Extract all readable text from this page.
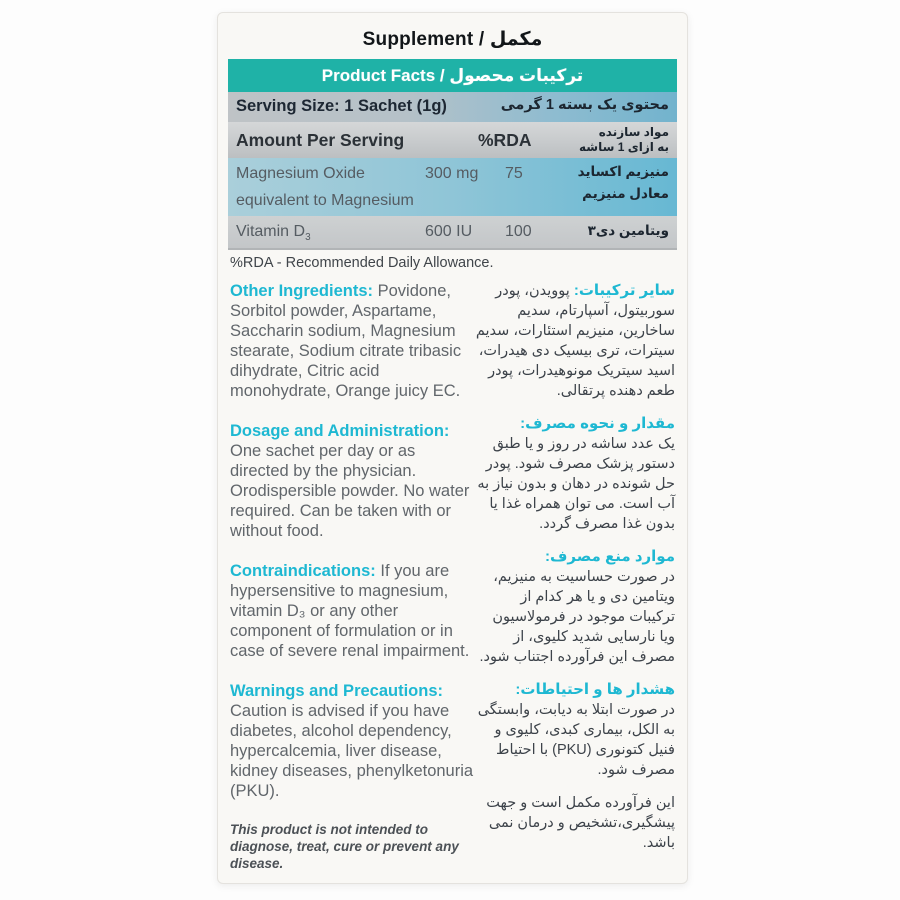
Supplement / مکمل
Product Facts / ترکیبات محصول
Serving Size: 1 Sachet (1g)	محتوی یک بسته 1 گرمی
Amount Per Serving	%RDA	مواد سازنده
به ازای 1 ساشه
Magnesium Oxide	300 mg 75	منیزیم اکساید
equivalent to Magnesium	معادل منیزیم
Vitamin $D_3$	600 IU 100	ویتامین دی۳

%RDA - Recommended Daily Allowance.

Other Ingredients: Povidone, Sorbitol powder, Aspartame, Saccharin sodium, Magnesium stearate, Sodium citrate tribasic dihydrate, Citric acid monohydrate, Orange juicy EC.

Dosage and Administration:
One sachet per day or as directed by the physician. Orodispersible powder. No water required. Can be taken with or without food.

Contraindications: If you are hypersensitive to magnesium, vitamin D₃ or any other component of formulation or in case of severe renal impairment.

Warnings and Precautions:
Caution is advised if you have diabetes, alcohol dependency, hypercalcemia, liver disease, kidney diseases, phenylketonuria (PKU).

This product is not intended to diagnose, treat, cure or prevent any disease.

سایر ترکیبات: پوویدن، پودر سوربیتول، آسپارتام، سدیم ساخارین، منیزیم استئارات، سدیم سیترات، تری بیسیک دی هیدرات، اسید سیتریک مونوهیدرات، پودر طعم دهنده پرتقالی.

مقدار و نحوه مصرف:
یک عدد ساشه در روز و یا طبق دستور پزشک مصرف شود. پودر حل شونده در دهان و بدون نیاز به آب است. می توان همراه غذا یا بدون غذا مصرف گردد.

موارد منع مصرف:
در صورت حساسیت به منیزیم، ویتامین دی و یا هر کدام از ترکیبات موجود در فرمولاسیون ویا نارسایی شدید کلیوی، از مصرف این فرآورده اجتناب شود.

هشدار ها و احتیاطات:
در صورت ابتلا به دیابت، وابستگی به الکل، بیماری کبدی، کلیوی و فنیل کتونوری (PKU) با احتیاط مصرف شود.

این فرآورده مکمل است و جهت پیشگیری،تشخیص و درمان نمی باشد.
